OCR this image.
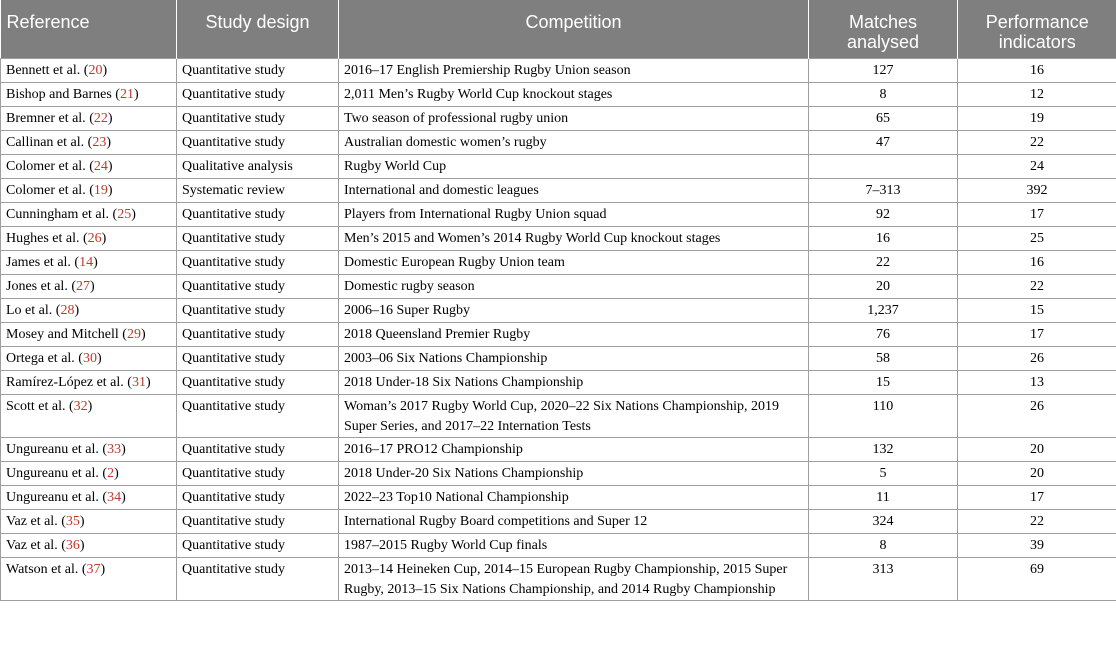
Reference	Study design	Competition	Matches analysed	Performance indicators
Bennett et al. (20)	Quantitative study	2016–17 English Premiership Rugby Union season	127	16
Bishop and Barnes (21)	Quantitative study	2,011 Men’s Rugby World Cup knockout stages	8	12
Bremner et al. (22)	Quantitative study	Two season of professional rugby union	65	19
Callinan et al. (23)	Quantitative study	Australian domestic women’s rugby	47	22
Colomer et al. (24)	Qualitative analysis	Rugby World Cup		24
Colomer et al. (19)	Systematic review	International and domestic leagues	7–313	392
Cunningham et al. (25)	Quantitative study	Players from International Rugby Union squad	92	17
Hughes et al. (26)	Quantitative study	Men’s 2015 and Women’s 2014 Rugby World Cup knockout stages	16	25
James et al. (14)	Quantitative study	Domestic European Rugby Union team	22	16
Jones et al. (27)	Quantitative study	Domestic rugby season	20	22
Lo et al. (28)	Quantitative study	2006–16 Super Rugby	1,237	15
Mosey and Mitchell (29)	Quantitative study	2018 Queensland Premier Rugby	76	17
Ortega et al. (30)	Quantitative study	2003–06 Six Nations Championship	58	26
Ramírez-López et al. (31)	Quantitative study	2018 Under-18 Six Nations Championship	15	13
Scott et al. (32)	Quantitative study	Woman’s 2017 Rugby World Cup, 2020–22 Six Nations Championship, 2019 Super Series, and 2017–22 Internation Tests	110	26
Ungureanu et al. (33)	Quantitative study	2016–17 PRO12 Championship	132	20
Ungureanu et al. (2)	Quantitative study	2018 Under-20 Six Nations Championship	5	20
Ungureanu et al. (34)	Quantitative study	2022–23 Top10 National Championship	11	17
Vaz et al. (35)	Quantitative study	International Rugby Board competitions and Super 12	324	22
Vaz et al. (36)	Quantitative study	1987–2015 Rugby World Cup finals	8	39
Watson et al. (37)	Quantitative study	2013–14 Heineken Cup, 2014–15 European Rugby Championship, 2015 Super Rugby, 2013–15 Six Nations Championship, and 2014 Rugby Championship	313	69
